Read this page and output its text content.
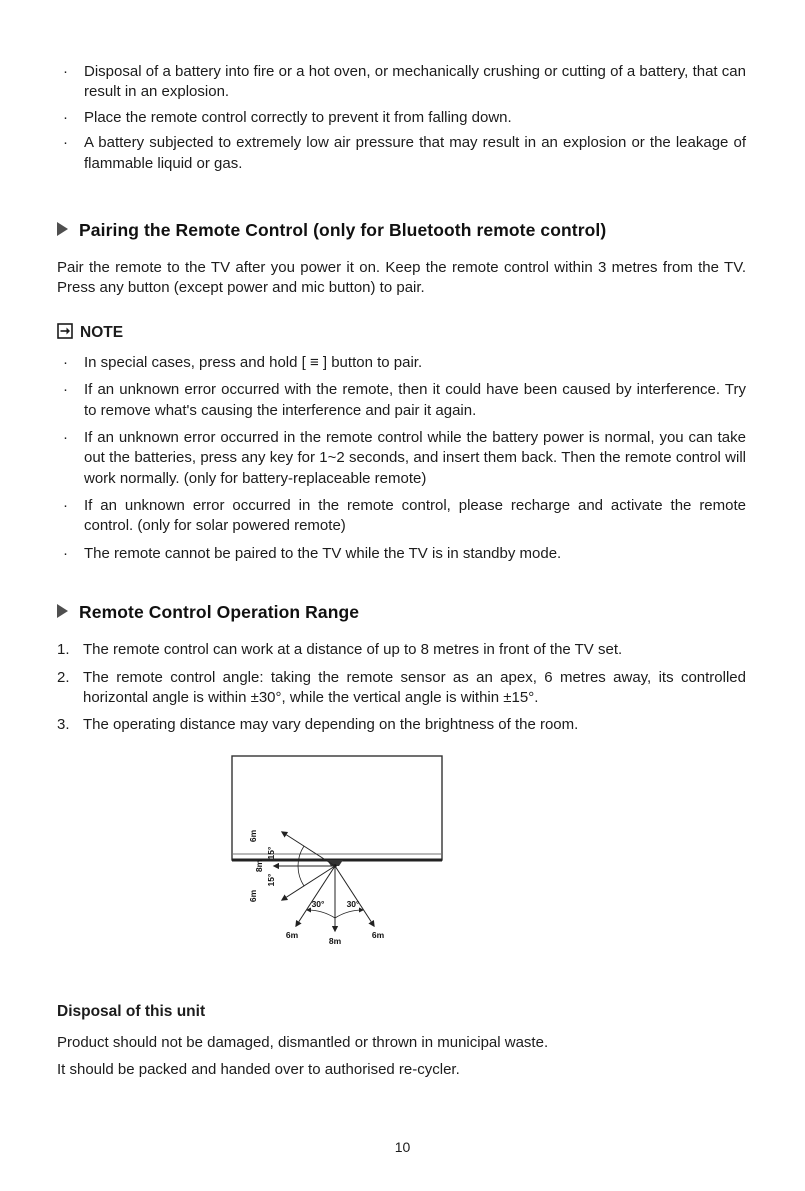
·	Disposal of a battery into fire or a hot oven, or mechanically crushing or cutting of a battery, that can result in an explosion.
·	Place the remote control correctly to prevent it from falling down.
·	A battery subjected to extremely low air pressure that may result in an explosion or the leakage of flammable liquid or gas.
Pairing the Remote Control (only for Bluetooth remote control)

Pair the remote to the TV after you power it on. Keep the remote control within 3 metres from the TV. Press any button (except power and mic button) to pair.

NOTE
·	In special cases, press and hold [ ≡ ] button to pair.
·	If an unknown error occurred with the remote, then it could have been caused by interference. Try to remove what's causing the interference and pair it again.
·	If an unknown error occurred in the remote control while the battery power is normal, you can take out the batteries, press any key for 1~2 seconds, and insert them back. Then the remote control will work normally. (only for battery-replaceable remote)
·	If an unknown error occurred in the remote control, please recharge and activate the remote control. (only for solar powered remote)
·	The remote cannot be paired to the TV while the TV is in standby mode.
Remote Control Operation Range
1. The remote control can work at a distance of up to 8 metres in front of the TV set.
2. The remote control angle: taking the remote sensor as an apex, 6 metres away, its controlled horizontal angle is within ±30°, while the vertical angle is within ±15°.
3. The operating distance may vary depending on the brightness of the room.
6m
15°
8m
15°
6m
30°	30°
6m
8m
6m
Disposal of this unit

Product should not be damaged, dismantled or thrown in municipal waste.

It should be packed and handed over to authorised re-cycler.

10
